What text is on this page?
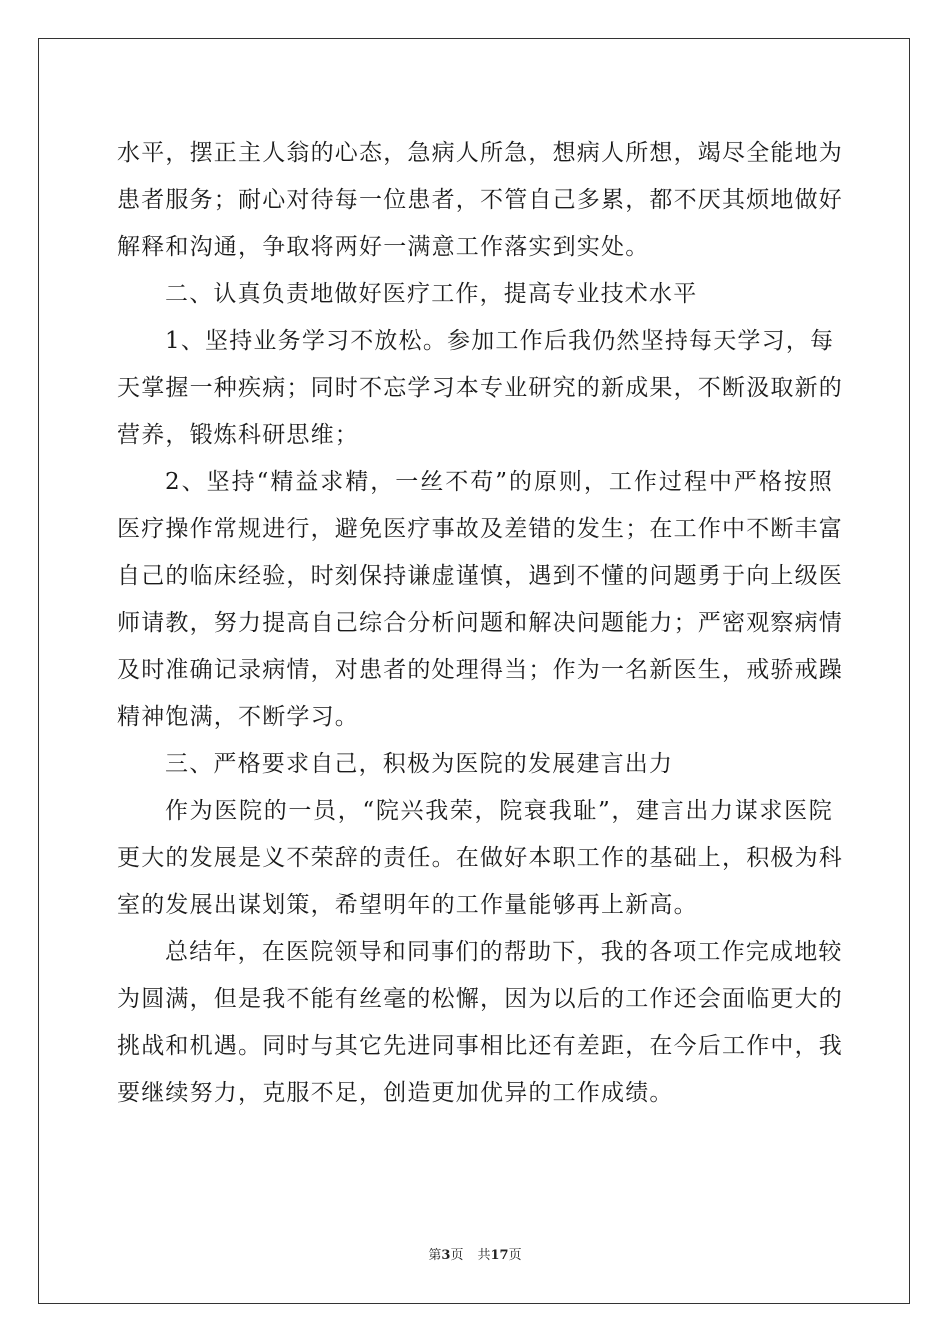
水平，摆正主人翁的心态，急病人所急，想病人所想，竭尽全能地为
患者服务；耐心对待每一位患者，不管自己多累，都不厌其烦地做好
解释和沟通，争取将两好一满意工作落实到实处。
二、认真负责地做好医疗工作，提高专业技术水平
1、坚持业务学习不放松。参加工作后我仍然坚持每天学习，每
天掌握一种疾病；同时不忘学习本专业研究的新成果，不断汲取新的
营养，锻炼科研思维；
2、坚持“精益求精，一丝不苟”的原则，工作过程中严格按照
医疗操作常规进行，避免医疗事故及差错的发生；在工作中不断丰富
自己的临床经验，时刻保持谦虚谨慎，遇到不懂的问题勇于向上级医
师请教，努力提高自己综合分析问题和解决问题能力；严密观察病情
及时准确记录病情，对患者的处理得当；作为一名新医生，戒骄戒躁
精神饱满，不断学习。
三、严格要求自己，积极为医院的发展建言出力
作为医院的一员，“院兴我荣，院衰我耻”，建言出力谋求医院
更大的发展是义不荣辞的责任。在做好本职工作的基础上，积极为科
室的发展出谋划策，希望明年的工作量能够再上新高。
总结年，在医院领导和同事们的帮助下，我的各项工作完成地较
为圆满，但是我不能有丝毫的松懈，因为以后的工作还会面临更大的
挑战和机遇。同时与其它先进同事相比还有差距，在今后工作中，我
要继续努力，克服不足，创造更加优异的工作成绩。
第3页 共17页
